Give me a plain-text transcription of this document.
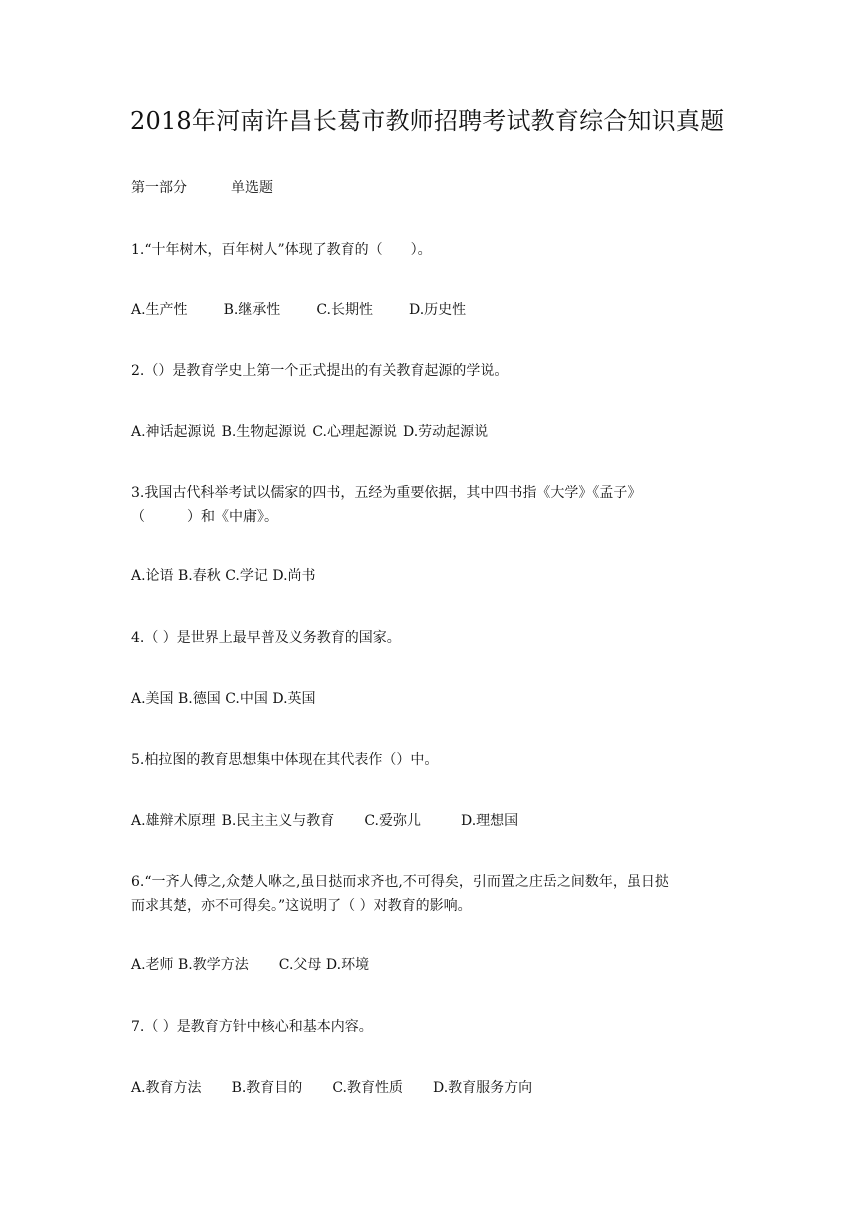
2018年河南许昌长葛市教师招聘考试教育综合知识真题
第一部分	单选题
1.“十年树木，百年树人”体现了教育的（　　）。
A.生产性	B.继承性	C.长期性	D.历史性
2.（）是教育学史上第一个正式提出的有关教育起源的学说。
A.神话起源说 B.生物起源说 C.心理起源说 D.劳动起源说
3.我国古代科举考试以儒家的四书，五经为重要依据，其中四书指《大学》《孟子》
（　　　）和《中庸》。
A.论语 B.春秋 C.学记 D.尚书
4.（ ）是世界上最早普及义务教育的国家。
A.美国 B.德国 C.中国 D.英国
5.柏拉图的教育思想集中体现在其代表作（）中。
A.雄辩术原理 B.民主主义与教育 C.爱弥儿	D.理想国
6.“一齐人傅之,众楚人咻之,虽日挞而求齐也,不可得矣，引而置之庄岳之间数年，虽日挞
而求其楚，亦不可得矣。”这说明了（ ）对教育的影响。
A.老师 B.教学方法 C.父母 D.环境
7.（ ）是教育方针中核心和基本内容。
A.教育方法 B.教育目的 C.教育性质 D.教育服务方向
